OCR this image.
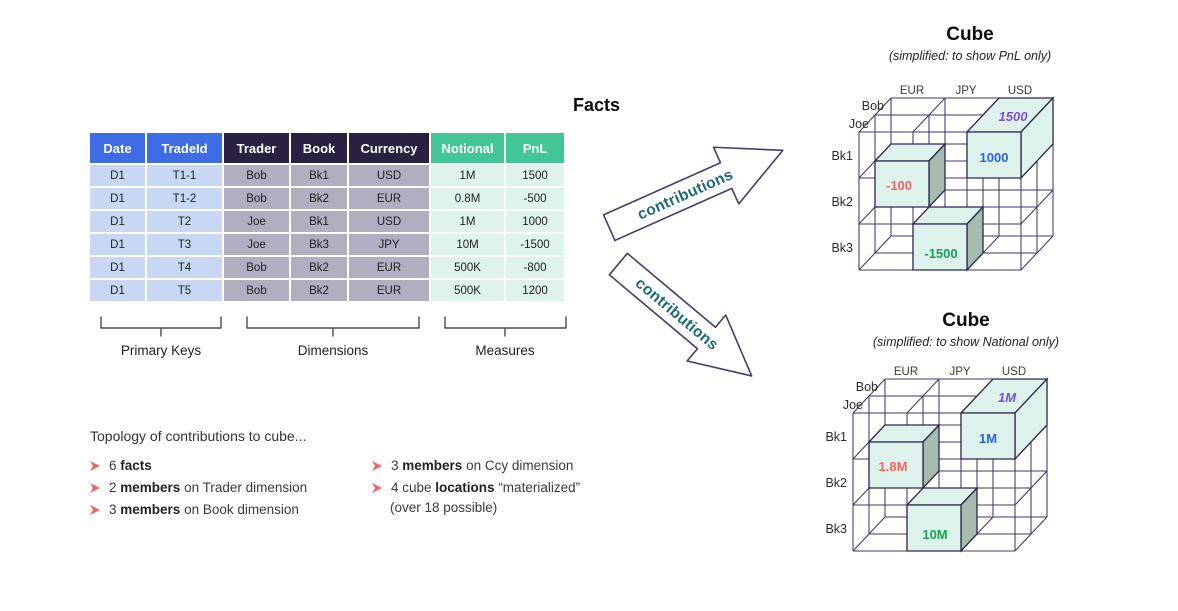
Facts
Date	TradeId	Trader	Book	Currency	Notional	PnL
D1	T1-1	Bob	Bk1	USD	1M	1500
D1	T1-2	Bob	Bk2	EUR	0.8M	-500
D1	T2	Joe	Bk1	USD	1M	1000
D1	T3	Joe	Bk3	JPY	10M	-1500
D1	T4	Bob	Bk2	EUR	500K	-800
D1	T5	Bob	Bk2	EUR	500K	1200
Primary Keys	Dimensions	Measures
contributions
contributions
Cube
(simplified: to show PnL only)
EUR	JPY	USD
Bob
Joe
Bk1
Bk2
Bk3
1500
1000
-100
-1500
Cube
(simplified: to show National only)
EUR	JPY	USD
Bob
Joe
Bk1
Bk2
Bk3
1M
1M
1.8M
10M
Topology of contributions to cube...
6 facts
2 members on Trader dimension
3 members on Book dimension
3 members on Ccy dimension
4 cube locations “materialized”
(over 18 possible)
